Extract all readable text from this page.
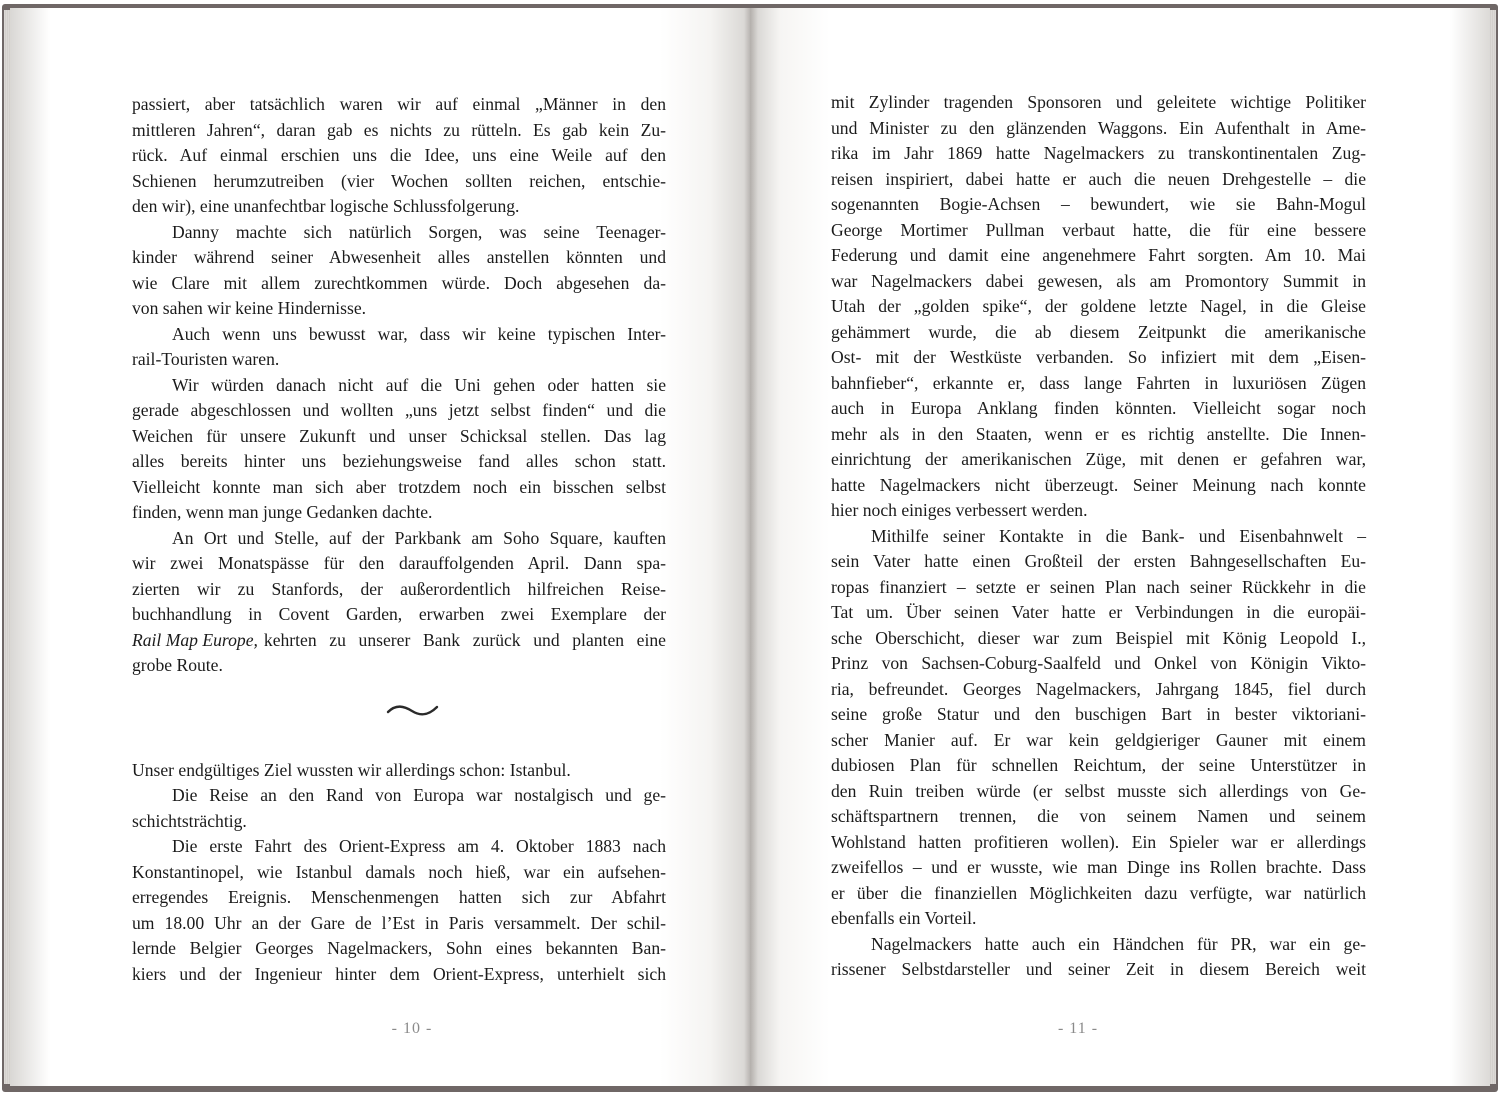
passiert, aber tatsächlich waren wir auf einmal „Männer in den
mittleren Jahren“, daran gab es nichts zu rütteln. Es gab kein Zu-
rück. Auf einmal erschien uns die Idee, uns eine Weile auf den
Schienen herumzutreiben (vier Wochen sollten reichen, entschie-
den wir), eine unanfechtbar logische Schlussfolgerung.
Danny machte sich natürlich Sorgen, was seine Teenager-
kinder während seiner Abwesenheit alles anstellen könnten und
wie Clare mit allem zurechtkommen würde. Doch abgesehen da-
von sahen wir keine Hindernisse.
Auch wenn uns bewusst war, dass wir keine typischen Inter-
rail-Touristen waren.
Wir würden danach nicht auf die Uni gehen oder hatten sie
gerade abgeschlossen und wollten „uns jetzt selbst finden“ und die
Weichen für unsere Zukunft und unser Schicksal stellen. Das lag
alles bereits hinter uns beziehungsweise fand alles schon statt.
Vielleicht konnte man sich aber trotzdem noch ein bisschen selbst
finden, wenn man junge Gedanken dachte.
An Ort und Stelle, auf der Parkbank am Soho Square, kauften
wir zwei Monatspässe für den darauffolgenden April. Dann spa-
zierten wir zu Stanfords, der außerordentlich hilfreichen Reise-
buchhandlung in Covent Garden, erwarben zwei Exemplare der
Rail Map Europe, kehrten zu unserer Bank zurück und planten eine
grobe Route.
Unser endgültiges Ziel wussten wir allerdings schon: Istanbul.
Die Reise an den Rand von Europa war nostalgisch und ge-
schichtsträchtig.
Die erste Fahrt des Orient-Express am 4. Oktober 1883 nach
Konstantinopel, wie Istanbul damals noch hieß, war ein aufsehen-
erregendes Ereignis. Menschenmengen hatten sich zur Abfahrt
um 18.00 Uhr an der Gare de l’Est in Paris versammelt. Der schil-
lernde Belgier Georges Nagelmackers, Sohn eines bekannten Ban-
kiers und der Ingenieur hinter dem Orient-Express, unterhielt sich
- 10 -
mit Zylinder tragenden Sponsoren und geleitete wichtige Politiker
und Minister zu den glänzenden Waggons. Ein Aufenthalt in Ame-
rika im Jahr 1869 hatte Nagelmackers zu transkontinentalen Zug-
reisen inspiriert, dabei hatte er auch die neuen Drehgestelle – die
sogenannten Bogie-Achsen – bewundert, wie sie Bahn-Mogul
George Mortimer Pullman verbaut hatte, die für eine bessere
Federung und damit eine angenehmere Fahrt sorgten. Am 10. Mai
war Nagelmackers dabei gewesen, als am Promontory Summit in
Utah der „golden spike“, der goldene letzte Nagel, in die Gleise
gehämmert wurde, die ab diesem Zeitpunkt die amerikanische
Ost- mit der Westküste verbanden. So infiziert mit dem „Eisen-
bahnfieber“, erkannte er, dass lange Fahrten in luxuriösen Zügen
auch in Europa Anklang finden könnten. Vielleicht sogar noch
mehr als in den Staaten, wenn er es richtig anstellte. Die Innen-
einrichtung der amerikanischen Züge, mit denen er gefahren war,
hatte Nagelmackers nicht überzeugt. Seiner Meinung nach konnte
hier noch einiges verbessert werden.
Mithilfe seiner Kontakte in die Bank- und Eisenbahnwelt –
sein Vater hatte einen Großteil der ersten Bahngesellschaften Eu-
ropas finanziert – setzte er seinen Plan nach seiner Rückkehr in die
Tat um. Über seinen Vater hatte er Verbindungen in die europäi-
sche Oberschicht, dieser war zum Beispiel mit König Leopold I.,
Prinz von Sachsen-Coburg-Saalfeld und Onkel von Königin Vikto-
ria, befreundet. Georges Nagelmackers, Jahrgang 1845, fiel durch
seine große Statur und den buschigen Bart in bester viktoriani-
scher Manier auf. Er war kein geldgieriger Gauner mit einem
dubiosen Plan für schnellen Reichtum, der seine Unterstützer in
den Ruin treiben würde (er selbst musste sich allerdings von Ge-
schäftspartnern trennen, die von seinem Namen und seinem
Wohlstand hatten profitieren wollen). Ein Spieler war er allerdings
zweifellos – und er wusste, wie man Dinge ins Rollen brachte. Dass
er über die finanziellen Möglichkeiten dazu verfügte, war natürlich
ebenfalls ein Vorteil.
Nagelmackers hatte auch ein Händchen für PR, war ein ge-
rissener Selbstdarsteller und seiner Zeit in diesem Bereich weit
- 11 -
